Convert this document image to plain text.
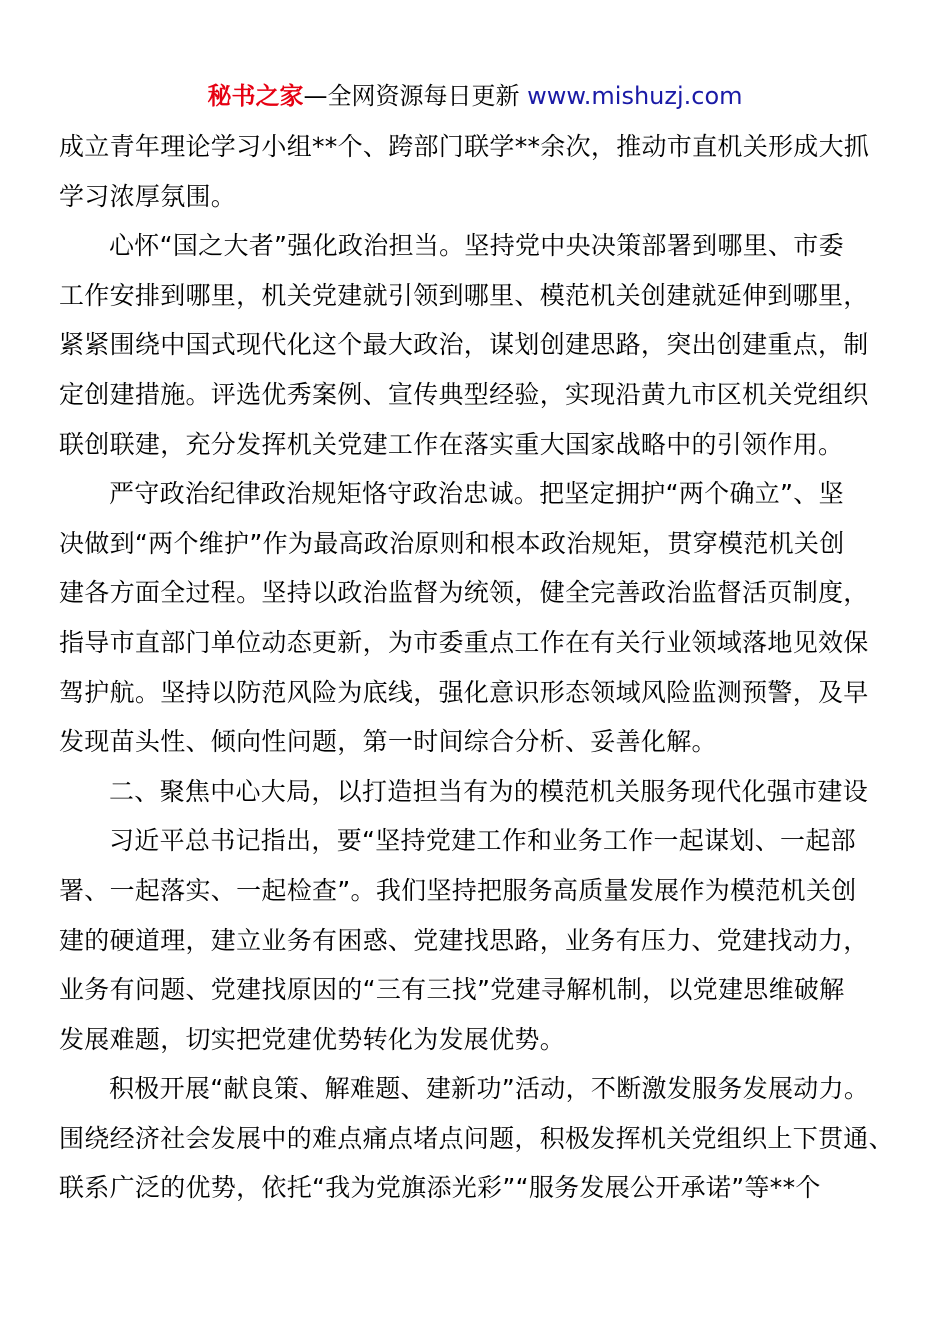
秘书之家—全网资源每日更新 www.mishuzj.com
成立青年理论学习小组**个、跨部门联学**余次，推动市直机关形成大抓
学习浓厚氛围。
心怀“国之大者”强化政治担当。坚持党中央决策部署到哪里、市委
工作安排到哪里，机关党建就引领到哪里、模范机关创建就延伸到哪里，
紧紧围绕中国式现代化这个最大政治，谋划创建思路，突出创建重点，制
定创建措施。评选优秀案例、宣传典型经验，实现沿黄九市区机关党组织
联创联建，充分发挥机关党建工作在落实重大国家战略中的引领作用。
严守政治纪律政治规矩恪守政治忠诚。把坚定拥护“两个确立”、坚
决做到“两个维护”作为最高政治原则和根本政治规矩，贯穿模范机关创
建各方面全过程。坚持以政治监督为统领，健全完善政治监督活页制度，
指导市直部门单位动态更新，为市委重点工作在有关行业领域落地见效保
驾护航。坚持以防范风险为底线，强化意识形态领域风险监测预警，及早
发现苗头性、倾向性问题，第一时间综合分析、妥善化解。
二、聚焦中心大局，以打造担当有为的模范机关服务现代化强市建设
习近平总书记指出，要“坚持党建工作和业务工作一起谋划、一起部
署、一起落实、一起检查”。我们坚持把服务高质量发展作为模范机关创
建的硬道理，建立业务有困惑、党建找思路，业务有压力、党建找动力，
业务有问题、党建找原因的“三有三找”党建寻解机制，以党建思维破解
发展难题，切实把党建优势转化为发展优势。
积极开展“献良策、解难题、建新功”活动，不断激发服务发展动力。
围绕经济社会发展中的难点痛点堵点问题，积极发挥机关党组织上下贯通、
联系广泛的优势，依托“我为党旗添光彩”“服务发展公开承诺”等**个
